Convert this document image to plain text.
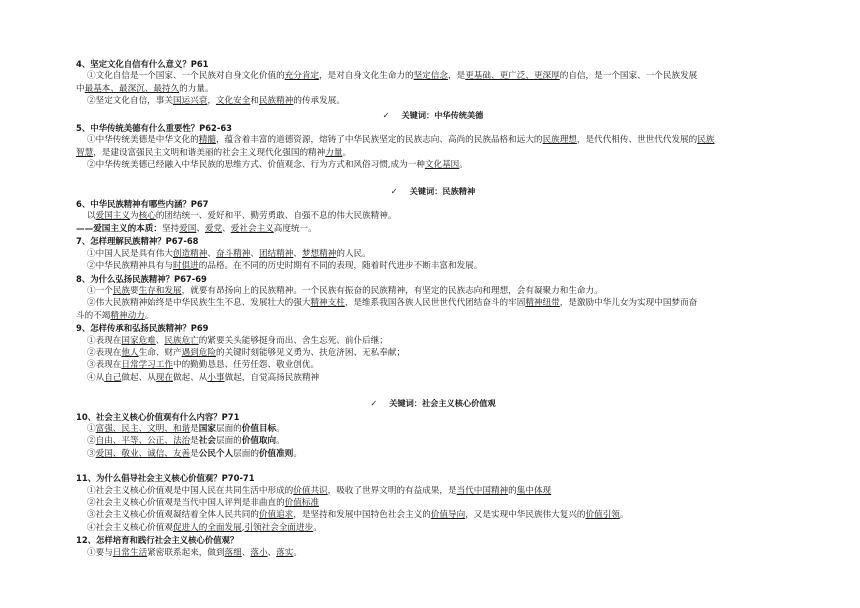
4、坚定文化自信有什么意义？P61
①文化自信是一个国家、一个民族对自身文化价值的充分肯定，是对自身文化生命力的坚定信念，是更基础、更广泛、更深厚的自信，是一个国家、一个民族发展
中最基本、最深沉、最持久的力量。
②坚定文化自信，事关国运兴衰，文化安全和民族精神的传承发展。
✓ 关键词：中华传统美德
5、中华传统美德有什么重要性？P62-63
①中华传统美德是中华文化的精髓，蕴含着丰富的道德资源，熔铸了中华民族坚定的民族志向、高尚的民族品格和远大的民族理想，是代代相传、世世代代发展的民族
智慧，是建设富强民主文明和谐美丽的社会主义现代化强国的精神力量。
②中华传统美德已经融入中华民族的思维方式、价值观念、行为方式和风俗习惯,成为一种文化基因。
✓ 关键词：民族精神
6、中华民族精神有哪些内涵？P67
以爱国主义为核心的团结统一、爱好和平、勤劳勇敢、自强不息的伟大民族精神。
——爱国主义的本质：坚持爱国、爱党、爱社会主义高度统一。
7、怎样理解民族精神？P67-68
①中国人民是具有伟大创造精神、奋斗精神、团结精神、梦想精神的人民。
②中华民族精神具有与时俱进的品格。在不同的历史时期有不同的表现，随着时代进步不断丰富和发展。
8、为什么弘扬民族精神？P67-69
①一个民族要生存和发展，就要有昂扬向上的民族精神。一个民族有振奋的民族精神，有坚定的民族志向和理想，会有凝聚力和生命力。
②伟大民族精神始终是中华民族生生不息、发展壮大的强大精神支柱，是维系我国各族人民世世代代团结奋斗的牢固精神纽带，是激励中华儿女为实现中国梦而奋
斗的不竭精神动力。
9、怎样传承和弘扬民族精神？P69
①表现在国家危难、民族危亡的紧要关头能够挺身而出、舍生忘死、前仆后继；
②表现在他人生命、财产遇到危险的关键时刻能够见义勇为、扶危济困、无私奉献；
③表现在日常学习工作中的勤勤恳恳、任劳任怨、敬业创优。
④从自己做起、从现在做起、从小事做起，自觉高扬民族精神
✓ 关键词：社会主义核心价值观
10、社会主义核心价值观有什么内容？P71
①富强、民主、文明、和谐是国家层面的价值目标。
②自由、平等、公正、法治是社会层面的价值取向。
③爱国、敬业、诚信、友善是公民个人层面的价值准则。
11、为什么倡导社会主义核心价值观？P70-71
①社会主义核心价值观是中国人民在共同生活中形成的价值共识，吸收了世界文明的有益成果，是当代中国精神的集中体现
②社会主义核心价值观是当代中国人评判是非曲直的价值标准
③社会主义核心价值观凝结着全体人民共同的价值追求，是坚持和发展中国特色社会主义的价值导向，又是实现中华民族伟大复兴的价值引领。
④社会主义核心价值观促进人的全面发展,引领社会全面进步。
12、怎样培育和践行社会主义核心价值观？
①要与日常生活紧密联系起来，做到落细、落小、落实。
